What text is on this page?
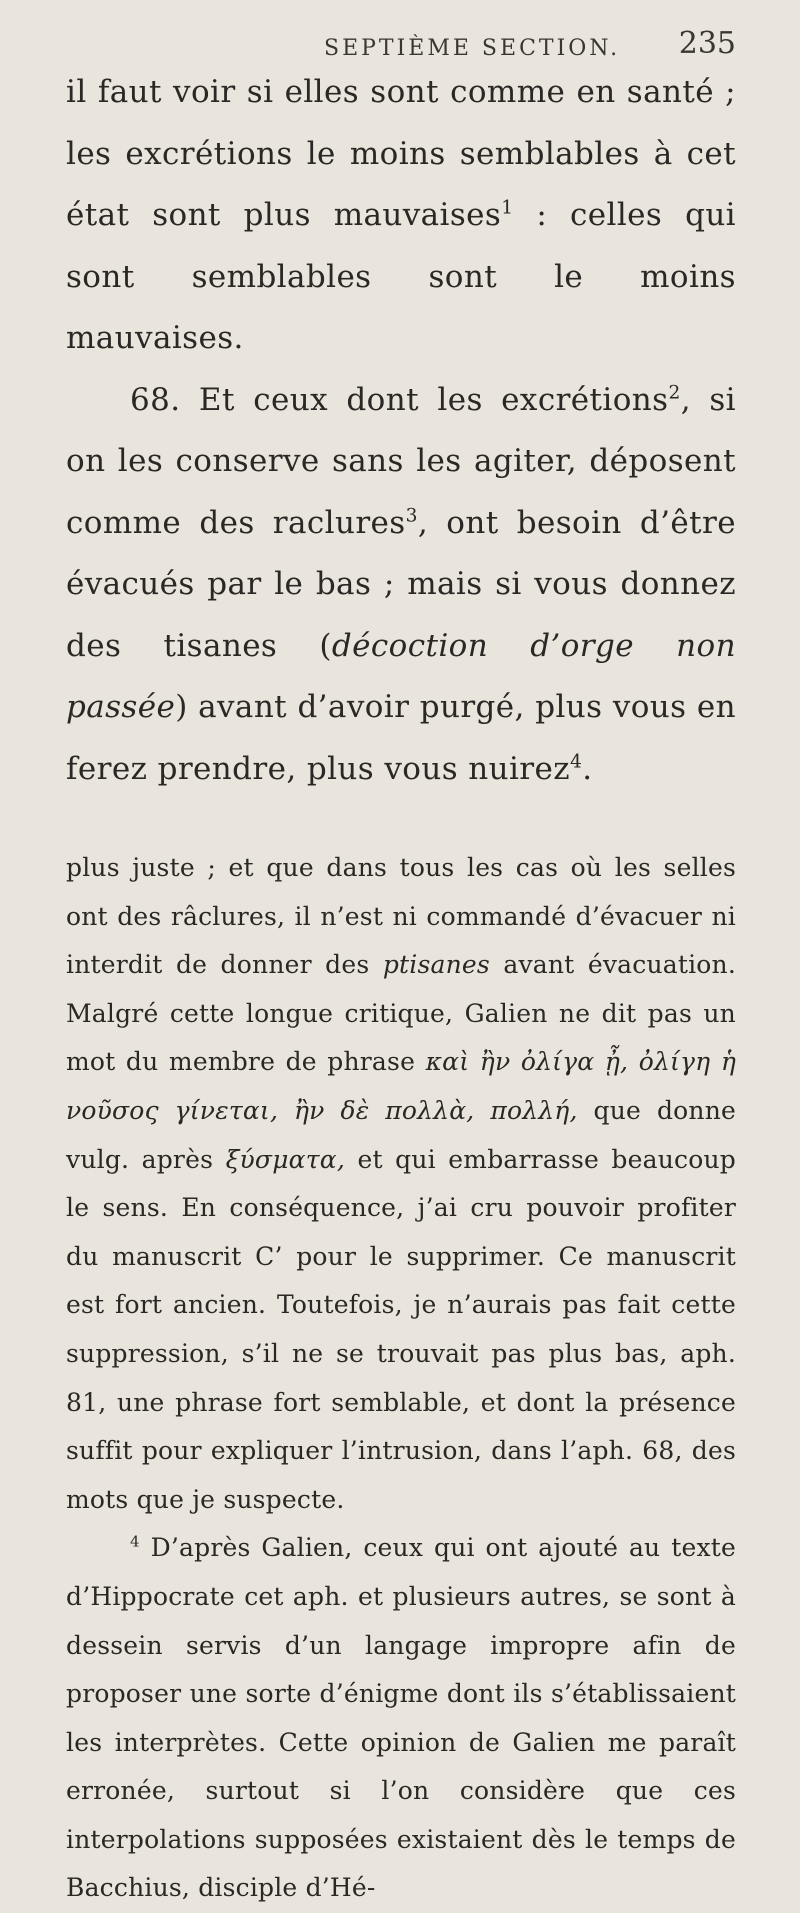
SEPTIÈME SECTION. 235

il faut voir si elles sont comme en santé ; les excrétions le moins semblables à cet état sont plus mauvaises$^1$ : celles qui sont semblables sont le moins mauvaises.

68. Et ceux dont les excrétions$^2$, si on les conserve sans les agiter, déposent comme des raclures$^3$, ont besoin d’être évacués par le bas ; mais si vous donnez des tisanes (décoction d’orge non passée) avant d’avoir purgé, plus vous en ferez prendre, plus vous nuirez$^4$.

plus juste ; et que dans tous les cas où les selles ont des râclures, il n’est ni commandé d’évacuer ni interdit de donner des ptisanes avant évacuation. Malgré cette longue critique, Galien ne dit pas un mot du membre de phrase καὶ ἢν ὀλίγα ᾖ, ὀλίγη ἡ νοῦσος γίνεται, ἢν δὲ πολλὰ, πολλή, que donne vulg. après ξύσματα, et qui embarrasse beaucoup le sens. En conséquence, j’ai cru pouvoir profiter du manuscrit C’ pour le supprimer. Ce manuscrit est fort ancien. Toutefois, je n’aurais pas fait cette suppression, s’il ne se trouvait pas plus bas, aph. 81, une phrase fort semblable, et dont la présence suffit pour expliquer l’intrusion, dans l’aph. 68, des mots que je suspecte.

$^4$ D’après Galien, ceux qui ont ajouté au texte d’Hippocrate cet aph. et plusieurs autres, se sont à dessein servis d’un langage impropre afin de proposer une sorte d’énigme dont ils s’établissaient les interprètes. Cette opinion de Galien me paraît erronée, surtout si l’on considère que ces interpolations supposées existaient dès le temps de Bacchius, disciple d’Hé-
